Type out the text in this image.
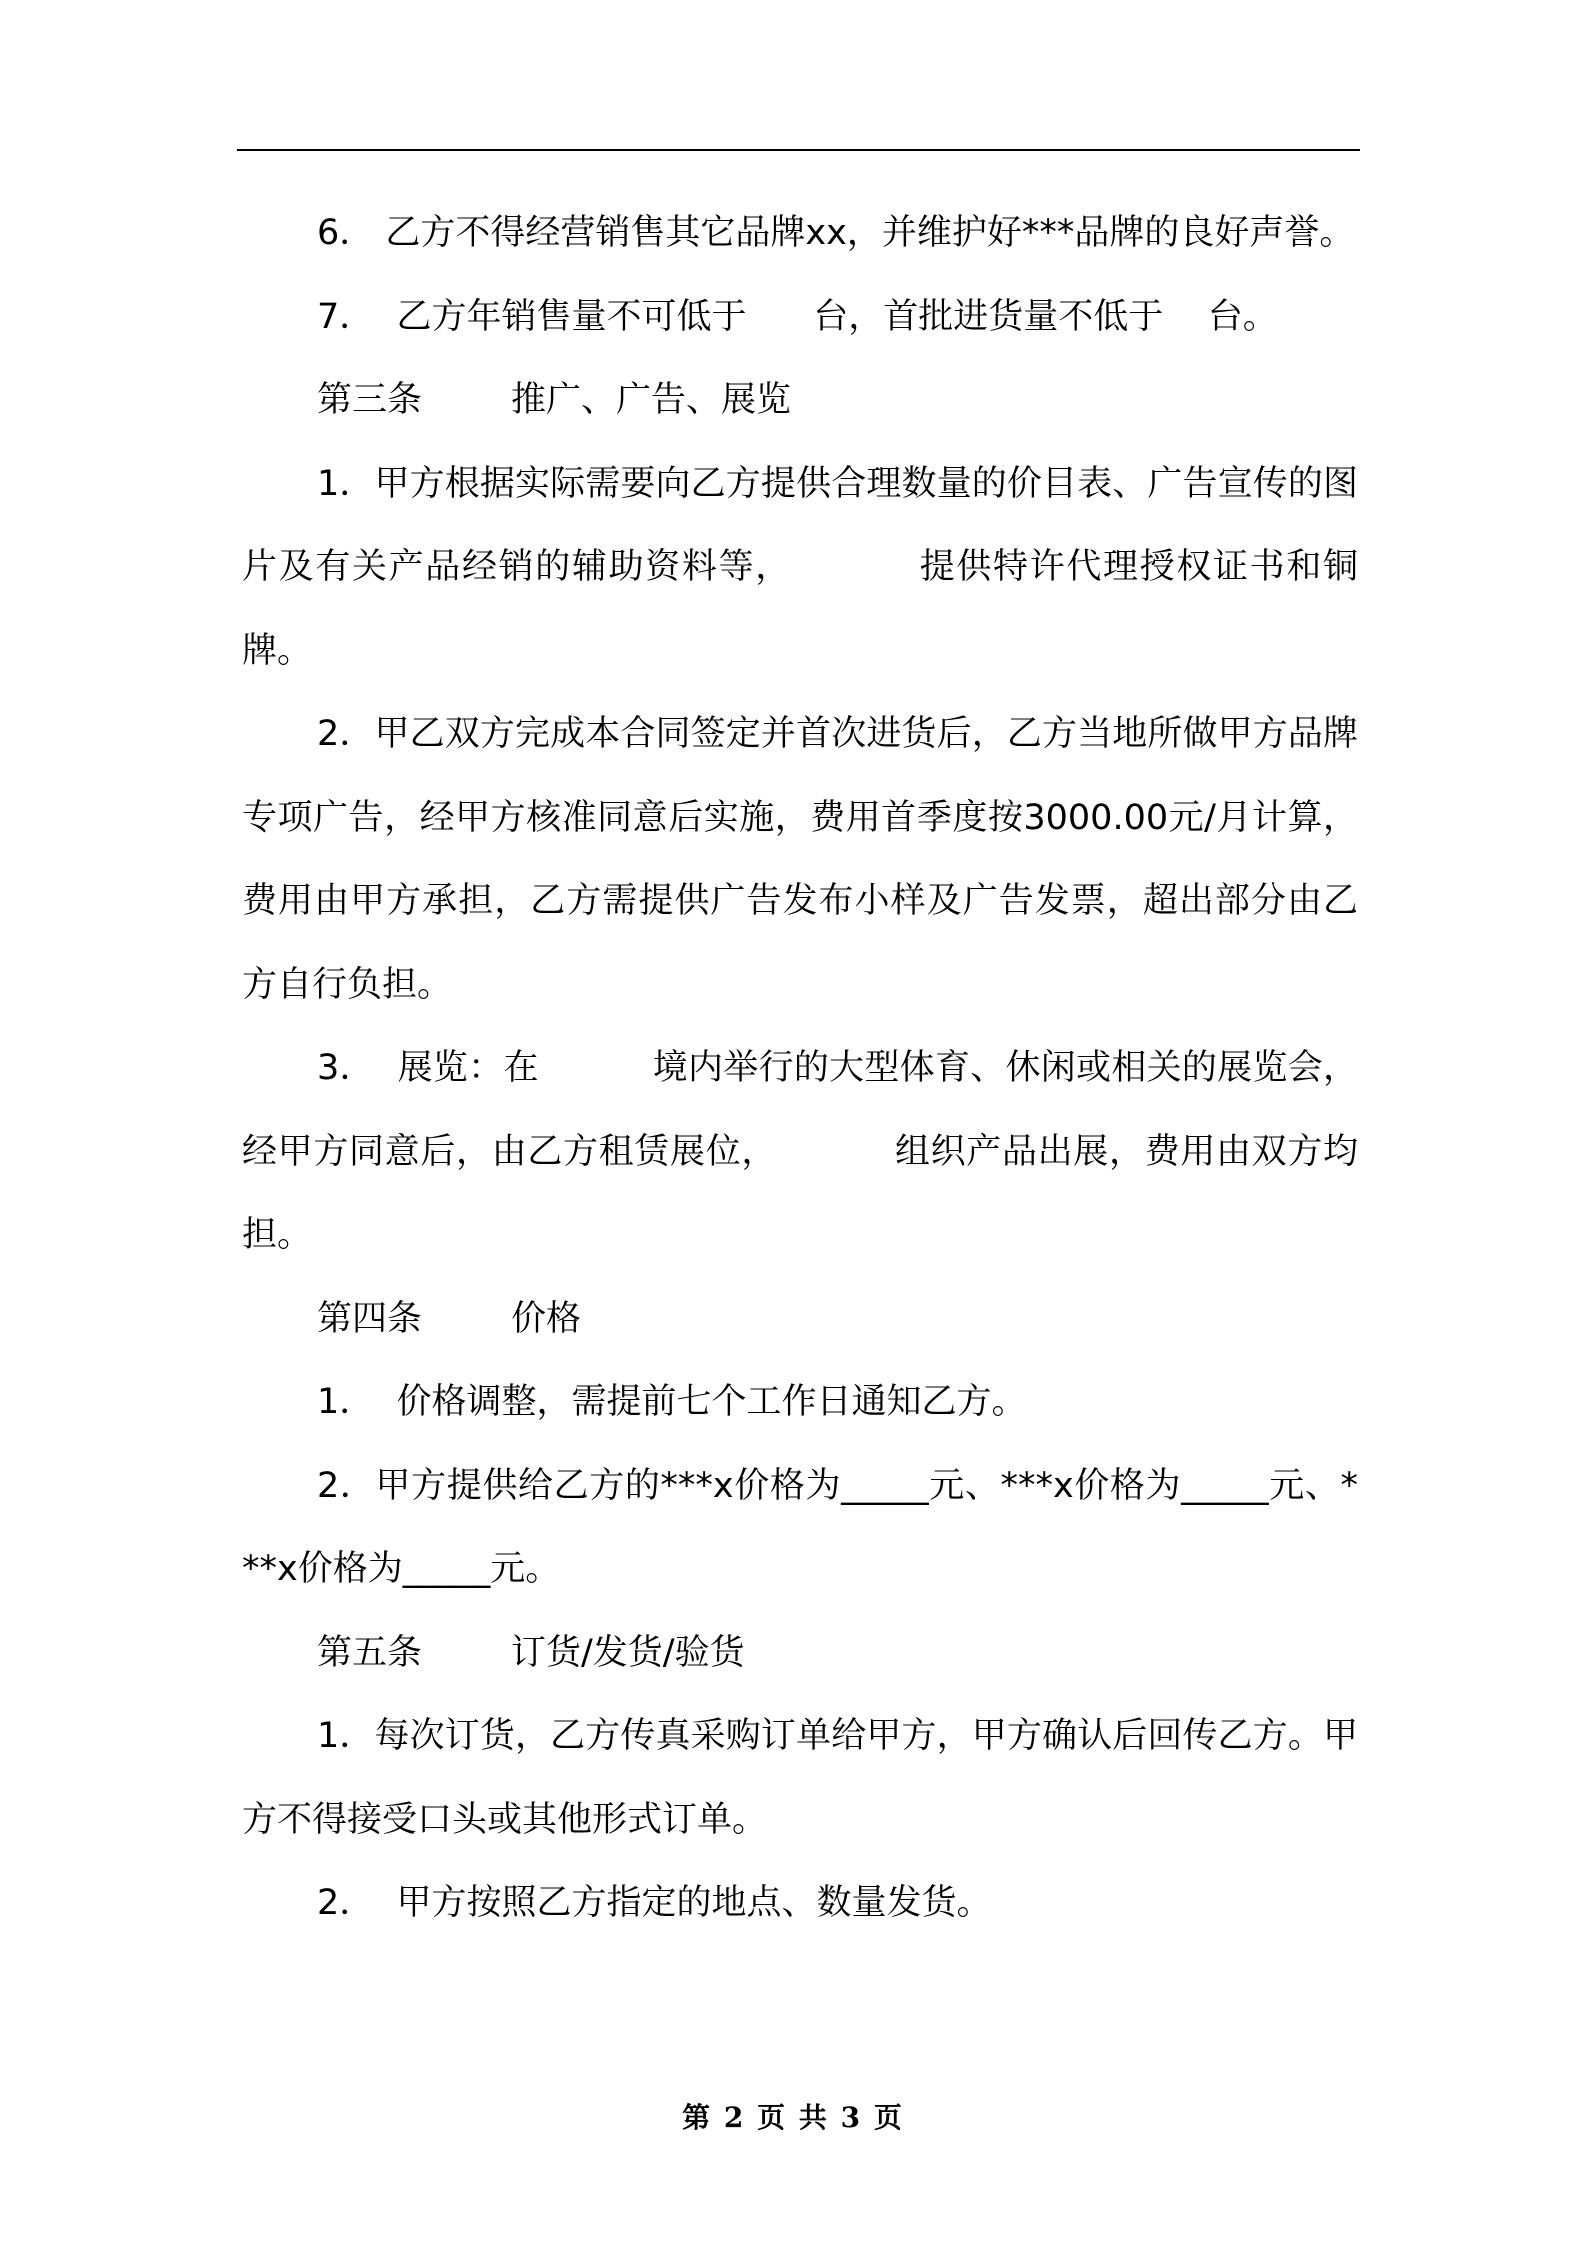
6． 乙方不得经营销售其它品牌xx，并维护好***品牌的良好声誉。

7．  乙方年销售量不可低于      台，首批进货量不低于    台。

第三条        推广、广告、展览

1．甲方根据实际需要向乙方提供合理数量的价目表、广告宣传的图片及有关产品经销的辅助资料等，          提供特许代理授权证书和铜牌。

2．甲乙双方完成本合同签定并首次进货后，乙方当地所做甲方品牌专项广告，经甲方核准同意后实施，费用首季度按3000.00元/月计算，费用由甲方承担，乙方需提供广告发布小样及广告发票，超出部分由乙方自行负担。

3．  展览：在          境内举行的大型体育、休闲或相关的展览会，经甲方同意后，由乙方租赁展位，          组织产品出展，费用由双方均担。

第四条        价格

1．  价格调整，需提前七个工作日通知乙方。

2．甲方提供给乙方的***x价格为_____元、***x价格为_____元、***x价格为_____元。

第五条        订货/发货/验货

1．每次订货，乙方传真采购订单给甲方，甲方确认后回传乙方。甲方不得接受口头或其他形式订单。

2．  甲方按照乙方指定的地点、数量发货。

第 2 页 共 3 页
